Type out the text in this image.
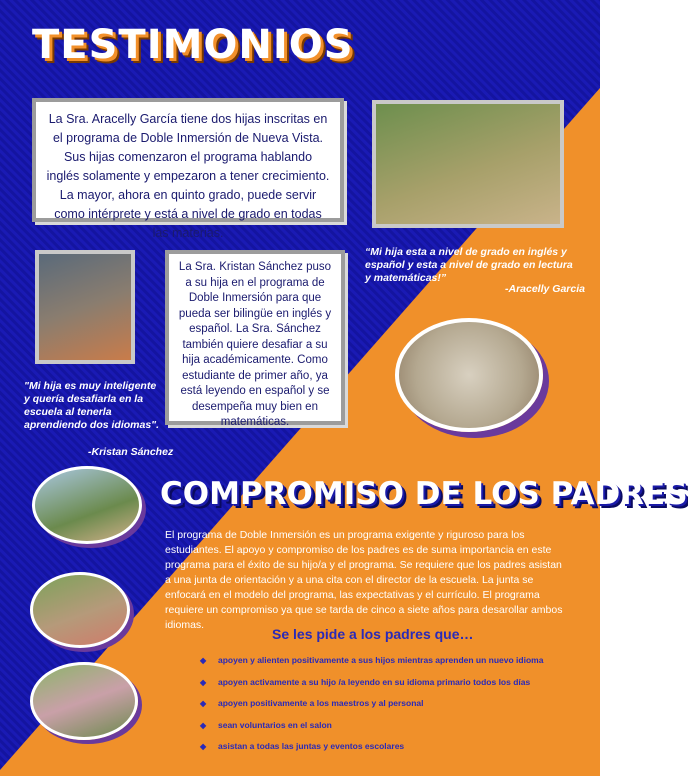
TESTIMONIOS

La Sra. Aracelly García tiene dos hijas inscritas en el programa de Doble Inmersión de Nueva Vista. Sus hijas comenzaron el programa hablando inglés solamente y empezaron a tener crecimiento. La mayor, ahora en quinto grado, puede servir como intérprete y está a nivel de grado en todas las materias.

“Mi hija esta a nivel de grado en inglés y español y esta a nivel de grado en lectura y matemáticas!”

-Aracelly Garcia

La Sra. Kristan Sánchez puso a su hija en el programa de Doble Inmersión para que pueda ser bilingüe en inglés y español. La Sra. Sánchez también quiere desafiar a su hija académicamente. Como estudiante de primer año, ya está leyendo en español y se desempeña muy bien en matemáticas.

"Mi hija es muy inteligente y quería desafiarla en la escuela al tenerla aprendiendo dos idiomas".

-Kristan Sánchez

COMPROMISO DE LOS PADRES

El programa de Doble Inmersión es un programa exigente y riguroso para los estudiantes. El apoyo y compromiso de los padres es de suma importancia en este programa para el éxito de su hijo/a y el programa. Se requiere que los padres asistan a una junta de orientación y a una cita con el director de la escuela. La junta se enfocará en el modelo del programa, las expectativas y el currículo. El programa requiere un compromiso ya que se tarda de cinco a siete años para desarollar ambos idiomas.

Se les pide a los padres que…

◆ apoyen y alienten positivamente a sus hijos mientras aprenden un nuevo idioma
◆ apoyen activamente a su hijo /a leyendo en su idioma primario todos los días
◆ apoyen positivamente a los maestros y al personal
◆ sean voluntarios en el salon
◆ asistan a todas las juntas y eventos escolares
